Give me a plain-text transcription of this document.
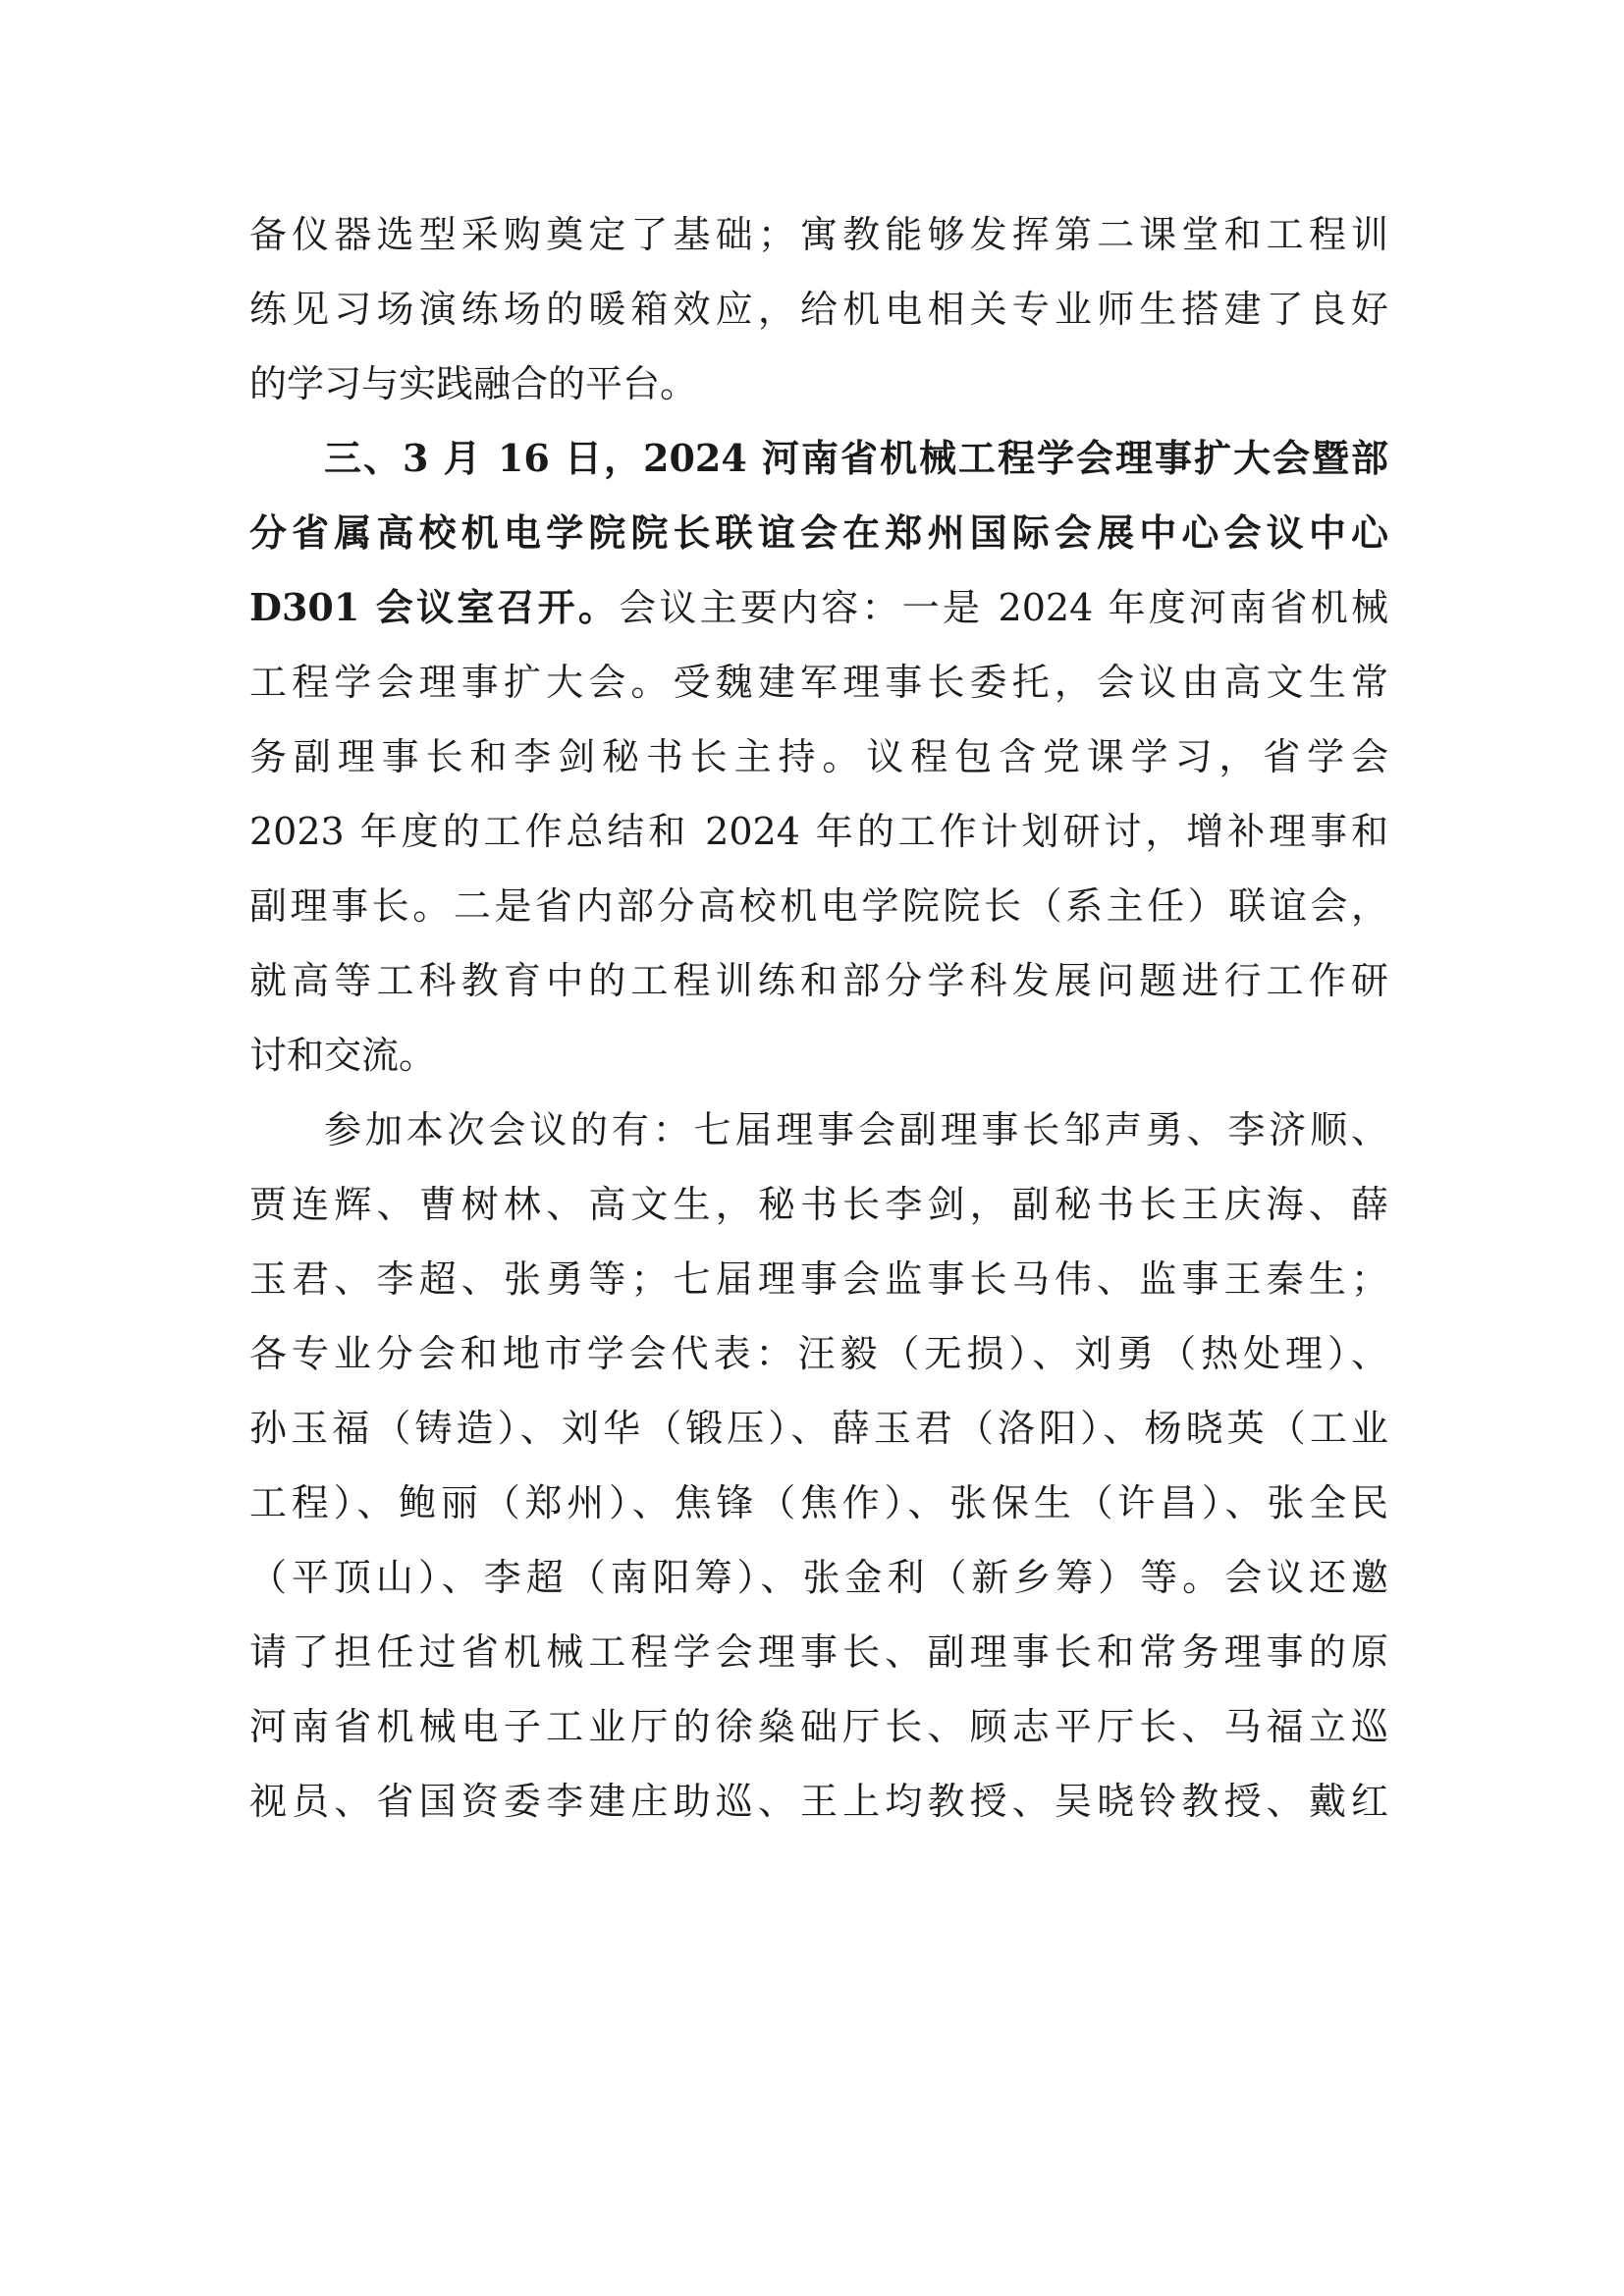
备仪器选型采购奠定了基础；寓教能够发挥第二课堂和工程训
练见习场演练场的暖箱效应，给机电相关专业师生搭建了良好
的学习与实践融合的平台。
三、3 月 16 日，2024 河南省机械工程学会理事扩大会暨部
分省属高校机电学院院长联谊会在郑州国际会展中心会议中心
D301 会议室召开。会议主要内容：一是 2024 年度河南省机械
工程学会理事扩大会。受魏建军理事长委托，会议由高文生常
务副理事长和李剑秘书长主持。议程包含党课学习，省学会
2023 年度的工作总结和 2024 年的工作计划研讨，增补理事和
副理事长。二是省内部分高校机电学院院长（系主任）联谊会，
就高等工科教育中的工程训练和部分学科发展问题进行工作研
讨和交流。
参加本次会议的有：七届理事会副理事长邹声勇、李济顺、
贾连辉、曹树林、高文生，秘书长李剑，副秘书长王庆海、薛
玉君、李超、张勇等；七届理事会监事长马伟、监事王秦生；
各专业分会和地市学会代表：汪毅（无损）、刘勇（热处理）、
孙玉福（铸造）、刘华（锻压）、薛玉君（洛阳）、杨晓英（工业
工程）、鲍丽（郑州）、焦锋（焦作）、张保生（许昌）、张全民
（平顶山）、李超（南阳筹）、张金利（新乡筹）等。会议还邀
请了担任过省机械工程学会理事长、副理事长和常务理事的原
河南省机械电子工业厅的徐燊础厅长、顾志平厅长、马福立巡
视员、省国资委李建庄助巡、王上均教授、吴晓铃教授、戴红
